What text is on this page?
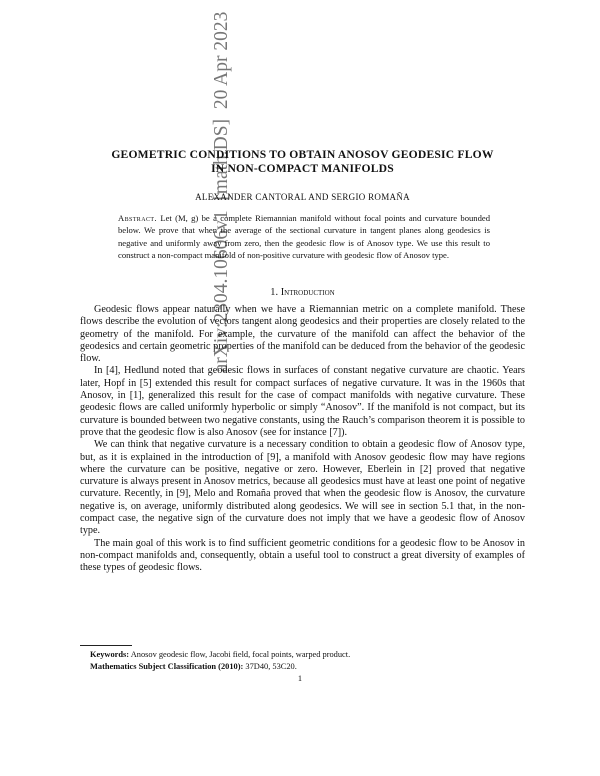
arXiv:2304.10606v1  [math.DS]  20 Apr 2023
GEOMETRIC CONDITIONS TO OBTAIN ANOSOV GEODESIC FLOW
IN NON-COMPACT MANIFOLDS
ALEXANDER CANTORAL AND SERGIO ROMAÑA
Abstract. Let (M, g) be a complete Riemannian manifold without focal points and curvature bounded below. We prove that when the average of the sectional curvature in tangent planes along geodesics is negative and uniformly away from zero, then the geodesic flow is of Anosov type. We use this result to construct a non-compact manifold of non-positive curvature with geodesic flow of Anosov type.
1. Introduction

Geodesic flows appear naturally when we have a Riemannian metric on a complete manifold. These flows describe the evolution of vectors tangent along geodesics and their properties are closely related to the geometry of the manifold. For example, the curvature of the manifold can affect the behavior of the geodesics and certain geometric properties of the manifold can be deduced from the behavior of the geodesic flow.

In [4], Hedlund noted that geodesic flows in surfaces of constant negative curvature are chaotic. Years later, Hopf in [5] extended this result for compact surfaces of negative curvature. It was in the 1960s that Anosov, in [1], generalized this result for the case of compact manifolds with negative curvature. These geodesic flows are called uniformly hyperbolic or simply “Anosov”. If the manifold is not compact, but its curvature is bounded between two negative constants, using the Rauch’s comparison theorem it is possible to prove that the geodesic flow is also Anosov (see for instance [7]).

We can think that negative curvature is a necessary condition to obtain a geodesic flow of Anosov type, but, as it is explained in the introduction of [9], a manifold with Anosov geodesic flow may have regions where the curvature can be positive, negative or zero. However, Eberlein in [2] proved that negative curvature is always present in Anosov metrics, because all geodesics must have at least one point of negative curvature. Recently, in [9], Melo and Romaña proved that when the geodesic flow is Anosov, the curvature negative is, on average, uniformly distributed along geodesics. We will see in section 5.1 that, in the non-compact case, the negative sign of the curvature does not imply that we have a geodesic flow of Anosov type.

The main goal of this work is to find sufficient geometric conditions for a geodesic flow to be Anosov in non-compact manifolds and, consequently, obtain a useful tool to construct a great diversity of examples of these types of geodesic flows.

Keywords: Anosov geodesic flow, Jacobi field, focal points, warped product.

Mathematics Subject Classification (2010): 37D40, 53C20.

1
